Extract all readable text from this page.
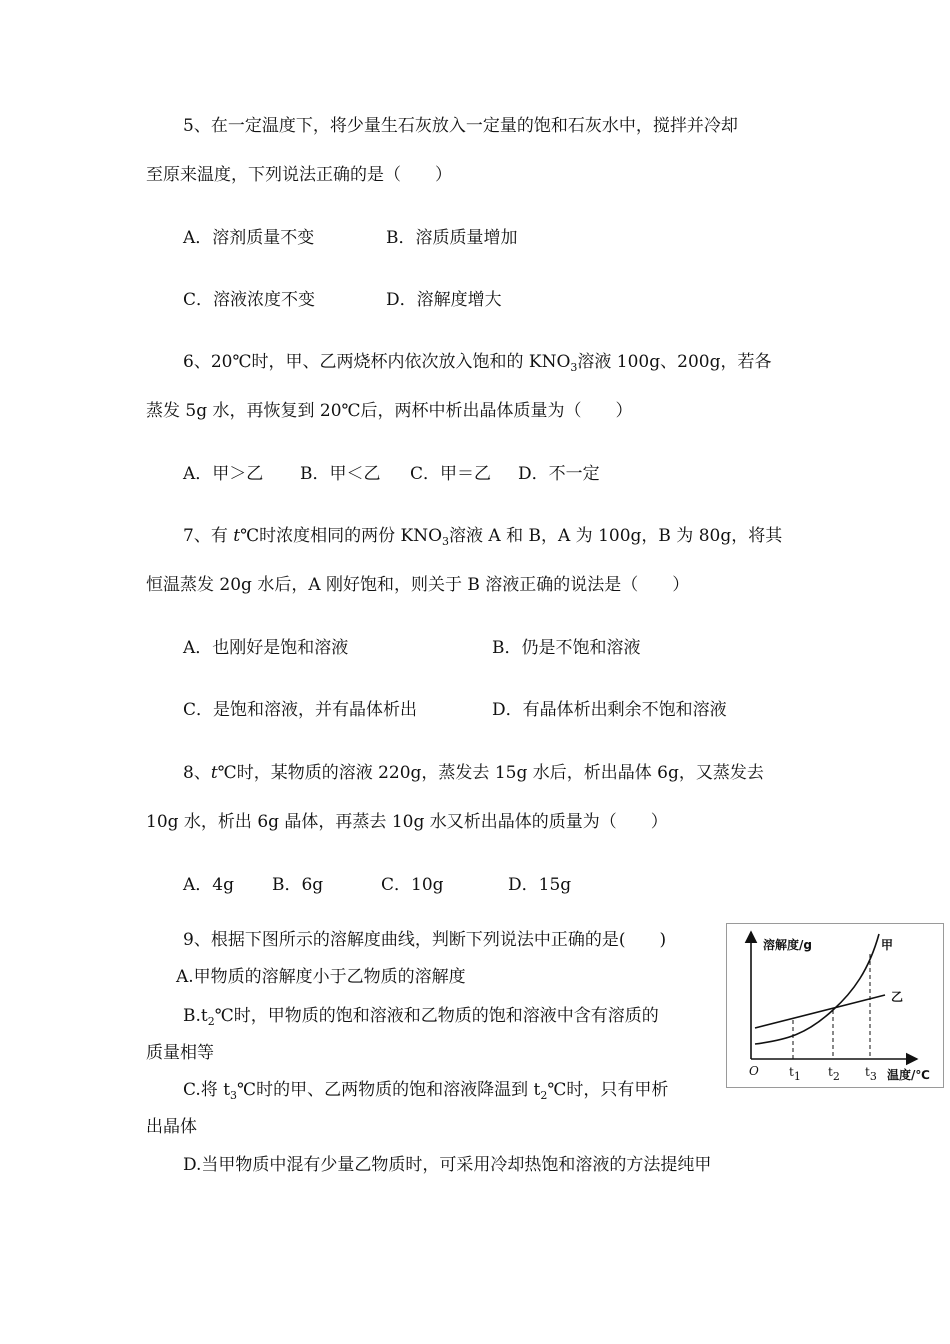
5、在一定温度下，将少量生石灰放入一定量的饱和石灰水中，搅拌并冷却
至原来温度，下列说法正确的是（　　）
A．溶剂质量不变	B．溶质质量增加
C．溶液浓度不变	D．溶解度增大
6、20℃时，甲、乙两烧杯内依次放入饱和的 $KNO_3$溶液 100g、200g，若各
蒸发 5g 水，再恢复到 20℃后，两杯中析出晶体质量为（　　）
A．甲＞乙 B．甲＜乙 C．甲＝乙 D．不一定
7、有 t℃时浓度相同的两份 $KNO_3$溶液 A 和 B，A 为 100g，B 为 80g，将其
恒温蒸发 20g 水后，A 刚好饱和，则关于 B 溶液正确的说法是（　　）
A．也刚好是饱和溶液	B．仍是不饱和溶液
C．是饱和溶液，并有晶体析出	D．有晶体析出剩余不饱和溶液
8、t℃时，某物质的溶液 220g，蒸发去 15g 水后，析出晶体 6g，又蒸发去
10g 水，析出 6g 晶体，再蒸去 10g 水又析出晶体的质量为（　　）
A．4g B．6g	C．10g	D．15g
9、根据下图所示的溶解度曲线，判断下列说法中正确的是(　　)
A.甲物质的溶解度小于乙物质的溶解度
$B.t_2℃$时，甲物质的饱和溶液和乙物质的饱和溶液中含有溶质的
质量相等
C.将 $t_3℃$时的甲、乙两物质的饱和溶液降温到 $t_2℃$时，只有甲析
出晶体
D.当甲物质中混有少量乙物质时，可采用冷却热饱和溶液的方法提纯甲
溶解度/g	甲
乙
O	$t_1$ $t_2$ $t_3$ 温度/℃
